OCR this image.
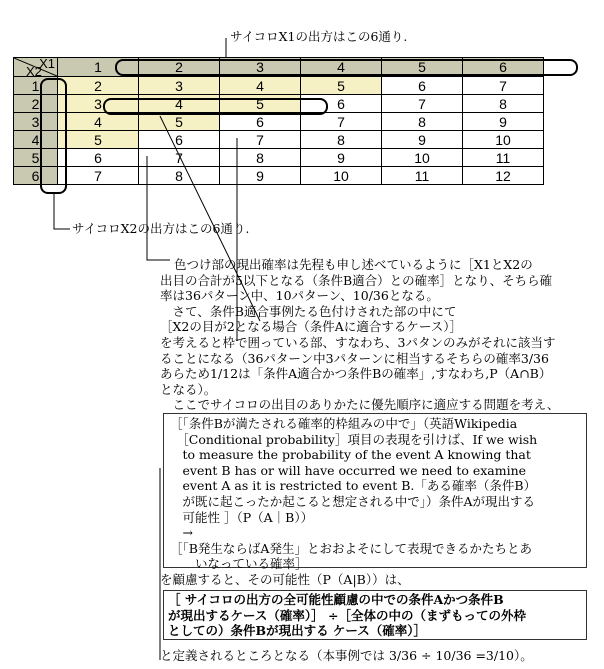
サイコロX1の出方はこの6通り.
X1
X2	1	2	3	4	5	6
1	2	3	4	5	6	7
2	3	4	5	6	7	8
3	4	5	6	7	8	9
4	5	6	7	8	9	10
5	6	7	8	9	10	11
6	7	8	9	10	11	12
サイコロX2の出方はこの6通り.
色つけ部の現出確率は先程も申し述べているように［X1とX2の
出目の合計が5以下となる（条件B適合）との確率］となり、そちら確
率は36パターン中、10パターン、10/36となる。
　さて、条件B適合事例たる色付けされた部の中にて
［X2の目が2となる場合（条件Aに適合するケース）］
を考えると枠で囲っている部、すなわち、3パタンのみがそれに該当す
ることになる（36パターン中3パターンに相当するそちらの確率3/36
あらため1/12は「条件A適合かつ条件Bの確率」,すなわち,P（A∩B）
となる）。
　ここでサイコロの出目のありかたに優先順序に適应する問題を考え、
［「条件Bが満たされる確率的枠組みの中で」（英語Wikipedia
　［Conditional probability］項目の表現を引けば、If we wish
　to measure the probability of the event A knowing that
　event B has or will have occurred we need to examine
　event A as it is restricted to event B.「ある確率（条件B）
　が既に起こったか起こると想定される中で」）条件Aが現出する
　可能性 ］（P（A｜B））
　→
［「B発生ならばA発生」とおおよそにして表現できるかたちとあ
　　いなっている確率］
を顧慮すると、その可能性（P（A|B））は、
［ サイコロの出方の全可能性顧慮の中での条件Aかつ条件B
が現出するケース（確率）］ ÷［全体の中の（まずもっての外枠
としての）条件Bが現出する ケース（確率）］
と定義されるところとなる（本事例では 3/36 ÷ 10/36 =3/10）。
